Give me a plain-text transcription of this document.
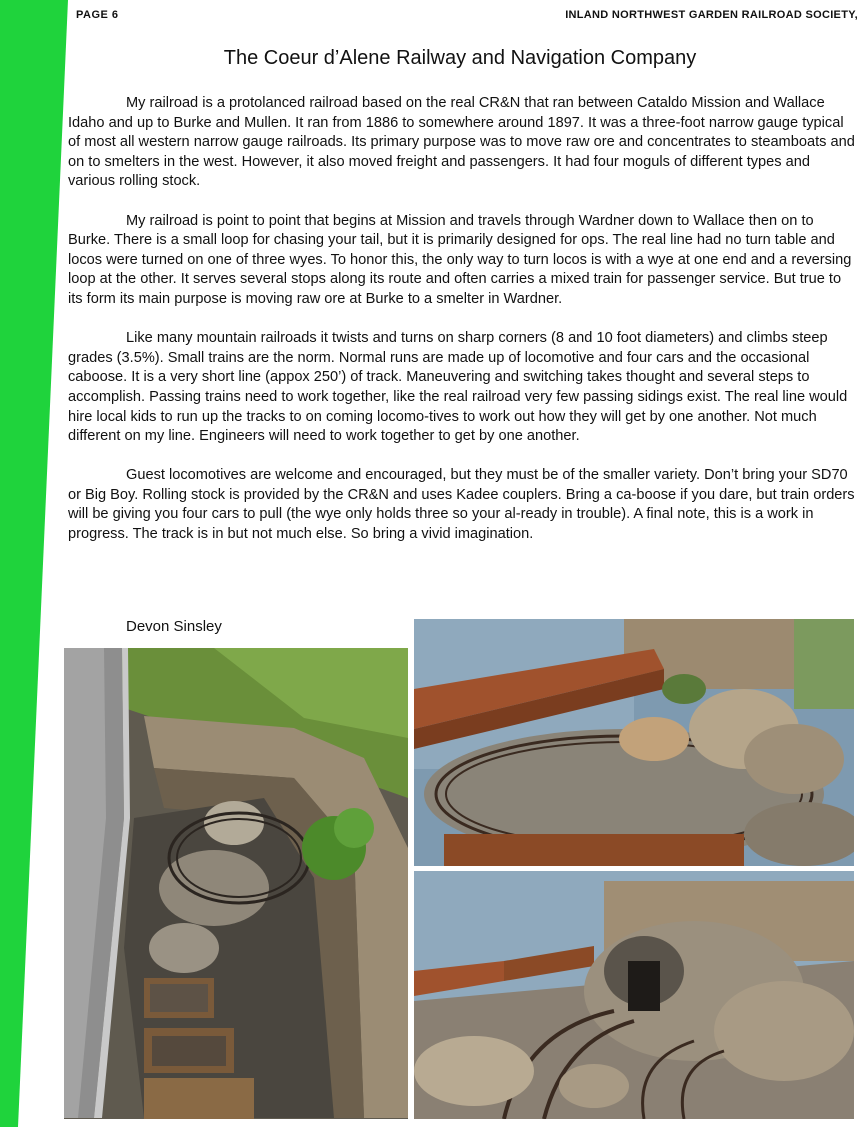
PAGE 6	INLAND NORTHWEST GARDEN RAILROAD SOCIETY,
The Coeur d’Alene Railway and Navigation Company

My railroad is a protolanced railroad based on the real CR&N that ran between Cataldo Mission and Wallace Idaho and up to Burke and Mullen. It ran from 1886 to somewhere around 1897. It was a three-foot narrow gauge typical of most all western narrow gauge railroads. Its primary purpose was to move raw ore and concentrates to steamboats and on to smelters in the west. However, it also moved freight and passengers. It had four moguls of different types and various rolling stock.

My railroad is point to point that begins at Mission and travels through Wardner down to Wallace then on to Burke. There is a small loop for chasing your tail, but it is primarily designed for ops. The real line had no turn table and locos were turned on one of three wyes. To honor this, the only way to turn locos is with a wye at one end and a reversing loop at the other. It serves several stops along its route and often carries a mixed train for passenger service. But true to its form its main purpose is moving raw ore at Burke to a smelter in Wardner.

Like many mountain railroads it twists and turns on sharp corners (8 and 10 foot diameters) and climbs steep grades (3.5%). Small trains are the norm. Normal runs are made up of locomotive and four cars and the occasional caboose. It is a very short line (appox 250’) of track. Maneuvering and switching takes thought and several steps to accomplish. Passing trains need to work together, like the real railroad very few passing sidings exist. The real line would hire local kids to run up the tracks to on coming locomo-tives to work out how they will get by one another. Not much different on my line. Engineers will need to work together to get by one another.

Guest locomotives are welcome and encouraged, but they must be of the smaller variety. Don’t bring your SD70 or Big Boy. Rolling stock is provided by the CR&N and uses Kadee couplers. Bring a ca-boose if you dare, but train orders will be giving you four cars to pull (the wye only holds three so your al-ready in trouble). A final note, this is a work in progress. The track is in but not much else. So bring a vivid imagination.

Devon Sinsley
